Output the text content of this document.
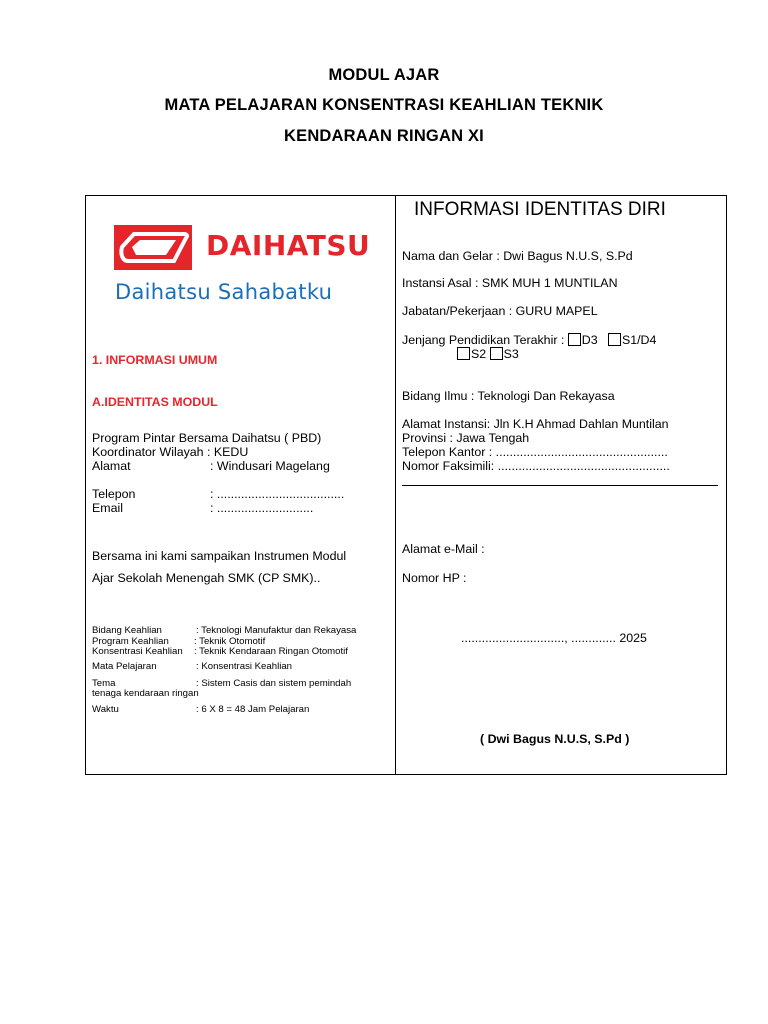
MODUL AJAR
MATA PELAJARAN KONSENTRASI KEAHLIAN TEKNIK
KENDARAAN RINGAN XI
DAIHATSU
Daihatsu Sahabatku
1. INFORMASI UMUM
A.IDENTITAS MODUL
Program Pintar Bersama Daihatsu ( PBD)
Koordinator Wilayah : KEDU
Alamat	: Windusari Magelang
Telepon	: .....................................
Email	: ............................
Bersama ini kami sampaikan Instrumen Modul
Ajar Sekolah Menengah SMK (CP SMK)..
Bidang Keahlian	: Teknologi Manufaktur dan Rekayasa
Program Keahlian	: Teknik Otomotif
Konsentrasi Keahlian : Teknik Kendaraan Ringan Otomotif
Mata Pelajaran	: Konsentrasi Keahlian
Tema	: Sistem Casis dan sistem pemindah
tenaga kendaraan ringan
Waktu	: 6 X 8 = 48 Jam Pelajaran
INFORMASI IDENTITAS DIRI
Nama dan Gelar : Dwi Bagus N.U.S, S.Pd
Instansi Asal : SMK MUH 1 MUNTILAN
Jabatan/Pekerjaan : GURU MAPEL
Jenjang Pendidikan Terakhir : D3 S1/D4
S2 S3
Bidang Ilmu : Teknologi Dan Rekayasa
Alamat Instansi: Jln K.H Ahmad Dahlan Muntilan
Provinsi : Jawa Tengah
Telepon Kantor : ..................................................
Nomor Faksimili: ..................................................
Alamat e-Mail :
Nomor HP :
.............................., ............. 2025
( Dwi Bagus N.U.S, S.Pd )
